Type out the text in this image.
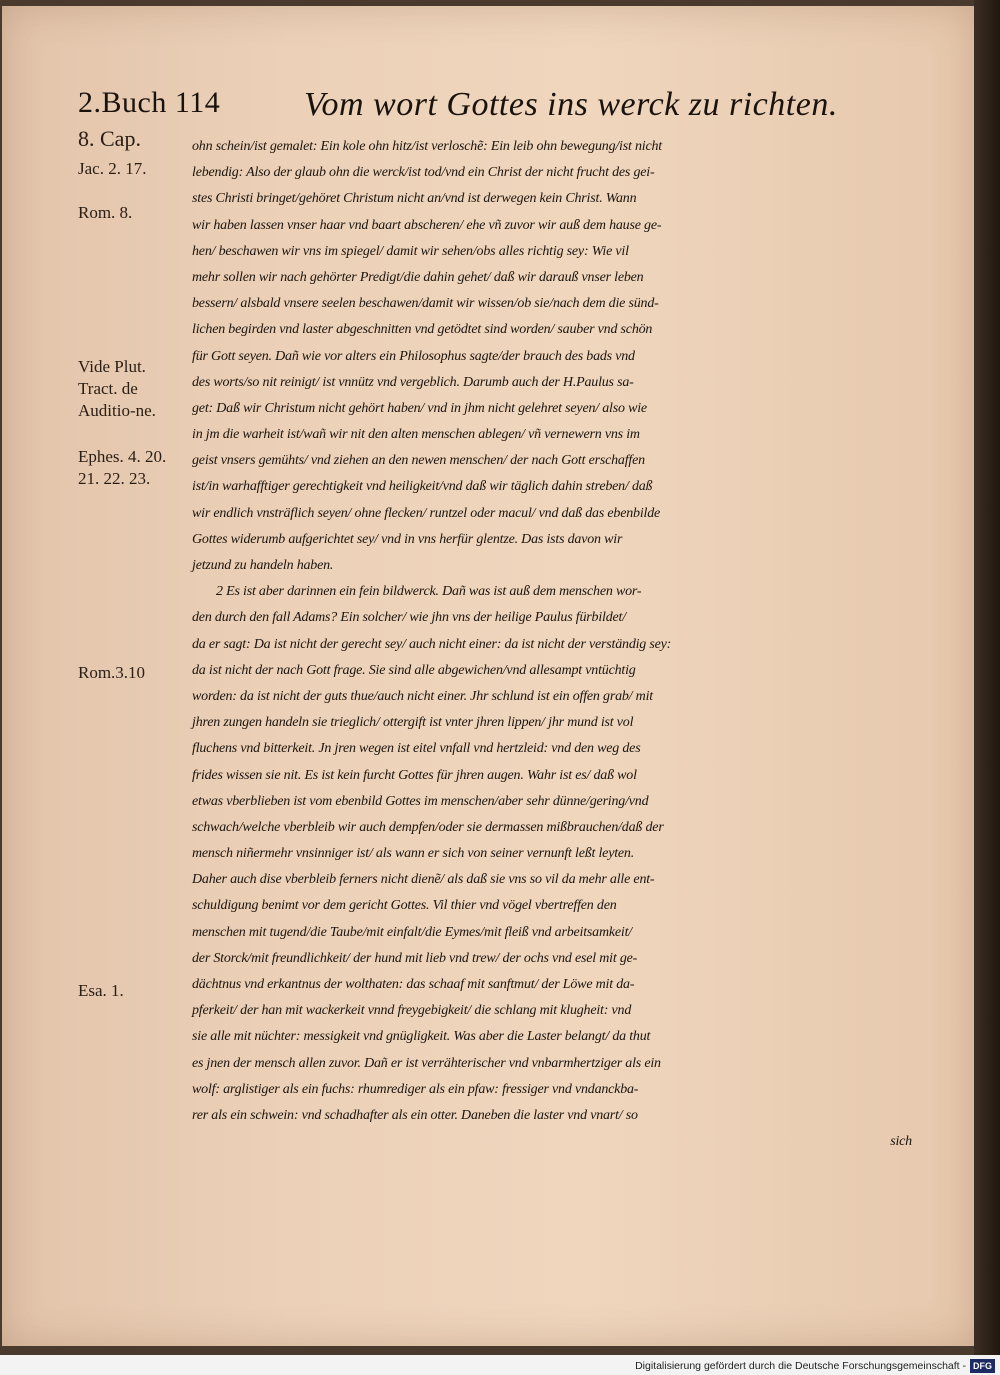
2.Buch 114 Vom wort Gottes ins werck zu richten.
8. Cap.
Jac. 2. 17.
Rom. 8.
Vide Plut. Tract. de Auditio-ne.
Ephes. 4. 20. 21. 22. 23.
Rom.3.10
Esa. 1.
ohn schein/ist gemalet: Ein kole ohn hitz/ist verloschẽ: Ein leib ohn bewegung/ist nicht
lebendig: Also der glaub ohn die werck/ist tod/vnd ein Christ der nicht frucht des gei-
stes Christi bringet/gehöret Christum nicht an/vnd ist derwegen kein Christ. Wann
wir haben lassen vnser haar vnd baart abscheren/ ehe vñ zuvor wir auß dem hause ge-
hen/ beschawen wir vns im spiegel/ damit wir sehen/obs alles richtig sey: Wie vil
mehr sollen wir nach gehörter Predigt/die dahin gehet/ daß wir darauß vnser leben
bessern/ alsbald vnsere seelen beschawen/damit wir wissen/ob sie/nach dem die sünd-
lichen begirden vnd laster abgeschnitten vnd getödtet sind worden/ sauber vnd schön
für Gott seyen. Dañ wie vor alters ein Philosophus sagte/der brauch des bads vnd
des worts/so nit reinigt/ ist vnnütz vnd vergeblich. Darumb auch der H.Paulus sa-
get: Daß wir Christum nicht gehört haben/ vnd in jhm nicht gelehret seyen/ also wie
in jm die warheit ist/wañ wir nit den alten menschen ablegen/ vñ vernewern vns im
geist vnsers gemühts/ vnd ziehen an den newen menschen/ der nach Gott erschaffen
ist/in warhafftiger gerechtigkeit vnd heiligkeit/vnd daß wir täglich dahin streben/ daß
wir endlich vnsträflich seyen/ ohne flecken/ runtzel oder macul/ vnd daß das ebenbilde
Gottes widerumb aufgerichtet sey/ vnd in vns herfür glentze. Das ists davon wir
jetzund zu handeln haben.
2 Es ist aber darinnen ein fein bildwerck. Dañ was ist auß dem menschen wor-
den durch den fall Adams? Ein solcher/ wie jhn vns der heilige Paulus fürbildet/
da er sagt: Da ist nicht der gerecht sey/ auch nicht einer: da ist nicht der verständig sey:
da ist nicht der nach Gott frage. Sie sind alle abgewichen/vnd allesampt vntüchtig
worden: da ist nicht der guts thue/auch nicht einer. Jhr schlund ist ein offen grab/ mit
jhren zungen handeln sie trieglich/ ottergift ist vnter jhren lippen/ jhr mund ist vol
fluchens vnd bitterkeit. Jn jren wegen ist eitel vnfall vnd hertzleid: vnd den weg des
frides wissen sie nit. Es ist kein furcht Gottes für jhren augen. Wahr ist es/ daß wol
etwas vberblieben ist vom ebenbild Gottes im menschen/aber sehr dünne/gering/vnd
schwach/welche vberbleib wir auch dempfen/oder sie dermassen mißbrauchen/daß der
mensch niñermehr vnsinniger ist/ als wann er sich von seiner vernunft leßt leyten.
Daher auch dise vberbleib ferners nicht dienẽ/ als daß sie vns so vil da mehr alle ent-
schuldigung benimt vor dem gericht Gottes. Vil thier vnd vögel vbertreffen den
menschen mit tugend/die Taube/mit einfalt/die Eymes/mit fleiß vnd arbeitsamkeit/
der Storck/mit freundlichkeit/ der hund mit lieb vnd trew/ der ochs vnd esel mit ge-
dächtnus vnd erkantnus der wolthaten: das schaaf mit sanftmut/ der Löwe mit da-
pferkeit/ der han mit wackerkeit vnnd freygebigkeit/ die schlang mit klugheit: vnd
sie alle mit nüchter: messigkeit vnd gnügligkeit. Was aber die Laster belangt/ da thut
es jnen der mensch allen zuvor. Dañ er ist verrähterischer vnd vnbarmhertziger als ein
wolf: arglistiger als ein fuchs: rhumrediger als ein pfaw: fressiger vnd vndanckba-
rer als ein schwein: vnd schadhafter als ein otter. Daneben die laster vnd vnart/ so
sich
Digitalisierung gefördert durch die Deutsche Forschungsgemeinschaft - DFG
